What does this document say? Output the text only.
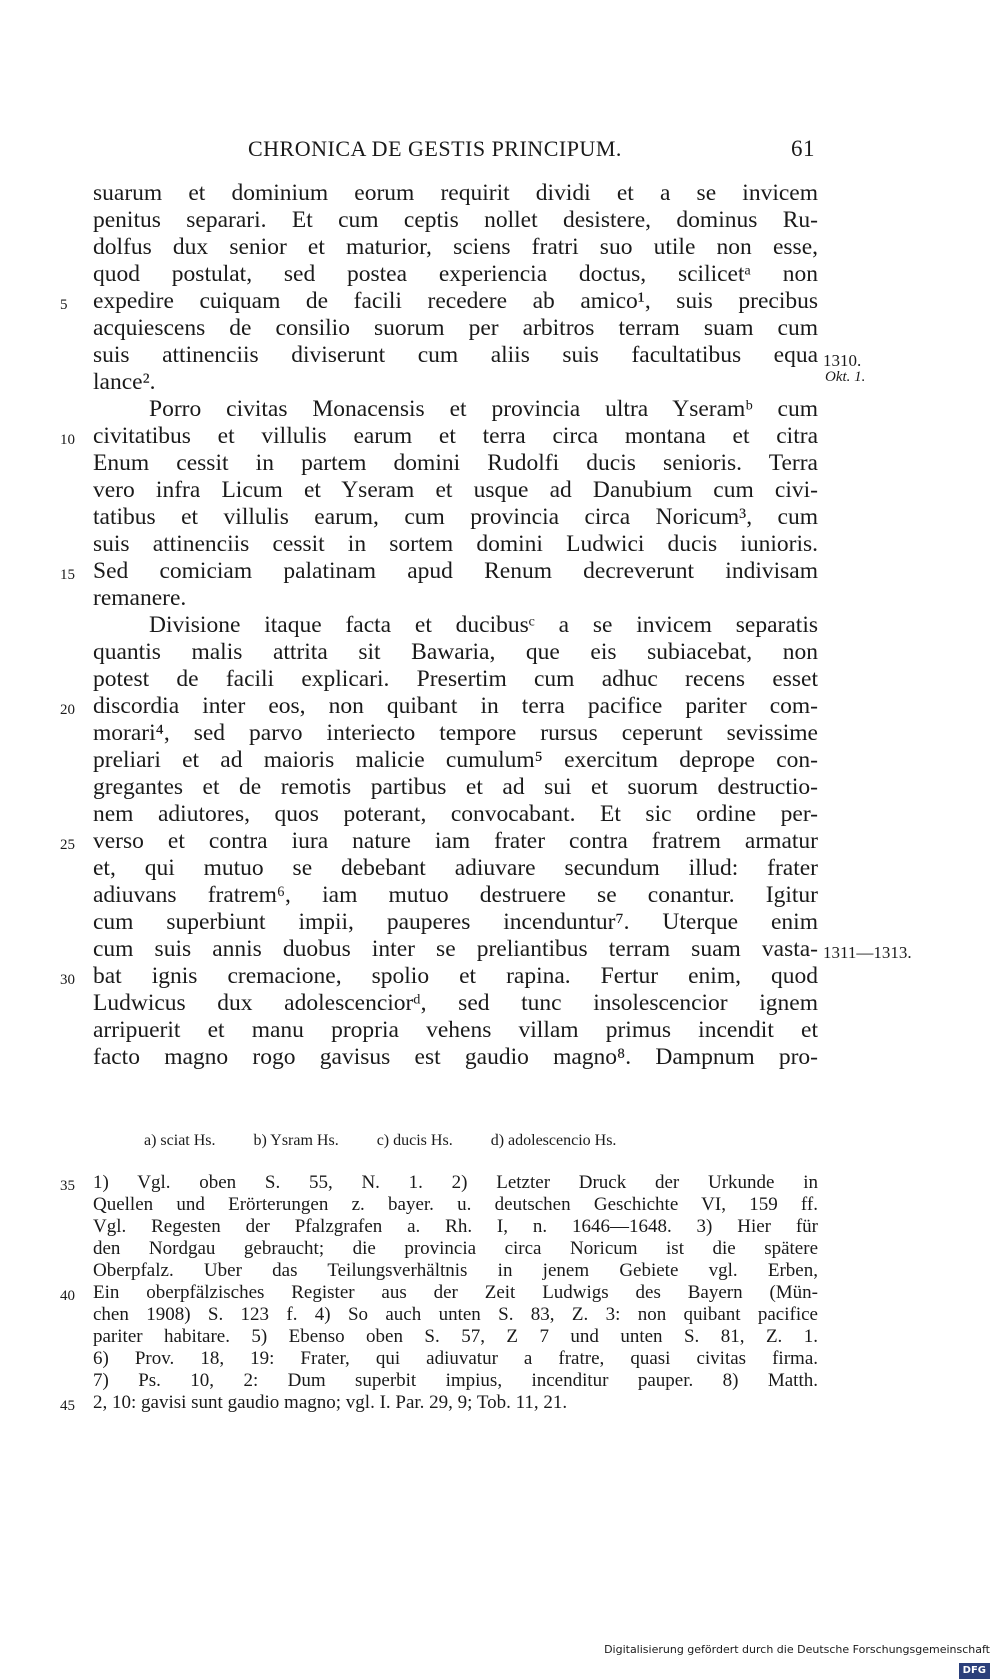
CHRONICA DE GESTIS PRINCIPUM.	61
suarum et dominium eorum requirit dividi et a se invicem
penitus separari. Et cum ceptis nollet desistere, dominus Ru-
dolfus dux senior et maturior, sciens fratri suo utile non esse,
quod postulat, sed postea experiencia doctus, scilicetᵃ non
expedire cuiquam de facili recedere ab amico¹, suis precibus
acquiescens de consilio suorum per arbitros terram suam cum
suis attinenciis diviserunt cum aliis suis facultatibus equa
lance².
Porro civitas Monacensis et provincia ultra Yseramᵇ cum
civitatibus et villulis earum et terra circa montana et citra
Enum cessit in partem domini Rudolfi ducis senioris. Terra
vero infra Licum et Yseram et usque ad Danubium cum civi-
tatibus et villulis earum, cum provincia circa Noricum³, cum
suis attinenciis cessit in sortem domini Ludwici ducis iunioris.
Sed comiciam palatinam apud Renum decreverunt indivisam
remanere.
Divisione itaque facta et ducibusᶜ a se invicem separatis
quantis malis attrita sit Bawaria, que eis subiacebat, non
potest de facili explicari. Presertim cum adhuc recens esset
discordia inter eos, non quibant in terra pacifice pariter com-
morari⁴, sed parvo interiecto tempore rursus ceperunt sevissime
preliari et ad maioris malicie cumulum⁵ exercitum deprope con-
gregantes et de remotis partibus et ad sui et suorum destructio-
nem adiutores, quos poterant, convocabant. Et sic ordine per-
verso et contra iura nature iam frater contra fratrem armatur
et, qui mutuo se debebant adiuvare secundum illud: frater
adiuvans fratrem⁶, iam mutuo destruere se conantur. Igitur
cum superbiunt impii, pauperes incenduntur⁷. Uterque enim
cum suis annis duobus inter se preliantibus terram suam vasta-
bat ignis cremacione, spolio et rapina. Fertur enim, quod
Ludwicus dux adolescenciorᵈ, sed tunc insolescencior ignem
arripuerit et manu propria vehens villam primus incendit et
facto magno rogo gavisus est gaudio magno⁸. Dampnum pro-
5
10
15
20
25
30
1310.
Okt. 1.
1311—1313.
a) sciat Hs. b) Ysram Hs. c) ducis Hs. d) adolescencio Hs.
1) Vgl. oben S. 55, N. 1. 2) Letzter Druck der Urkunde in
Quellen und Erörterungen z. bayer. u. deutschen Geschichte VI, 159 ff.
Vgl. Regesten der Pfalzgrafen a. Rh. I, n. 1646—1648. 3) Hier für
den Nordgau gebraucht; die provincia circa Noricum ist die spätere
Oberpfalz. Uber das Teilungsverhältnis in jenem Gebiete vgl. Erben,
Ein oberpfälzisches Register aus der Zeit Ludwigs des Bayern (Mün-
chen 1908) S. 123 f. 4) So auch unten S. 83, Z. 3: non quibant pacifice
pariter habitare. 5) Ebenso oben S. 57, Z 7 und unten S. 81, Z. 1.
6) Prov. 18, 19: Frater, qui adiuvatur a fratre, quasi civitas firma.
7) Ps. 10, 2: Dum superbit impius, incenditur pauper. 8) Matth.
2, 10: gavisi sunt gaudio magno; vgl. I. Par. 29, 9; Tob. 11, 21.
35
40
45
Digitalisierung gefördert durch die Deutsche Forschungsgemeinschaft DFG
